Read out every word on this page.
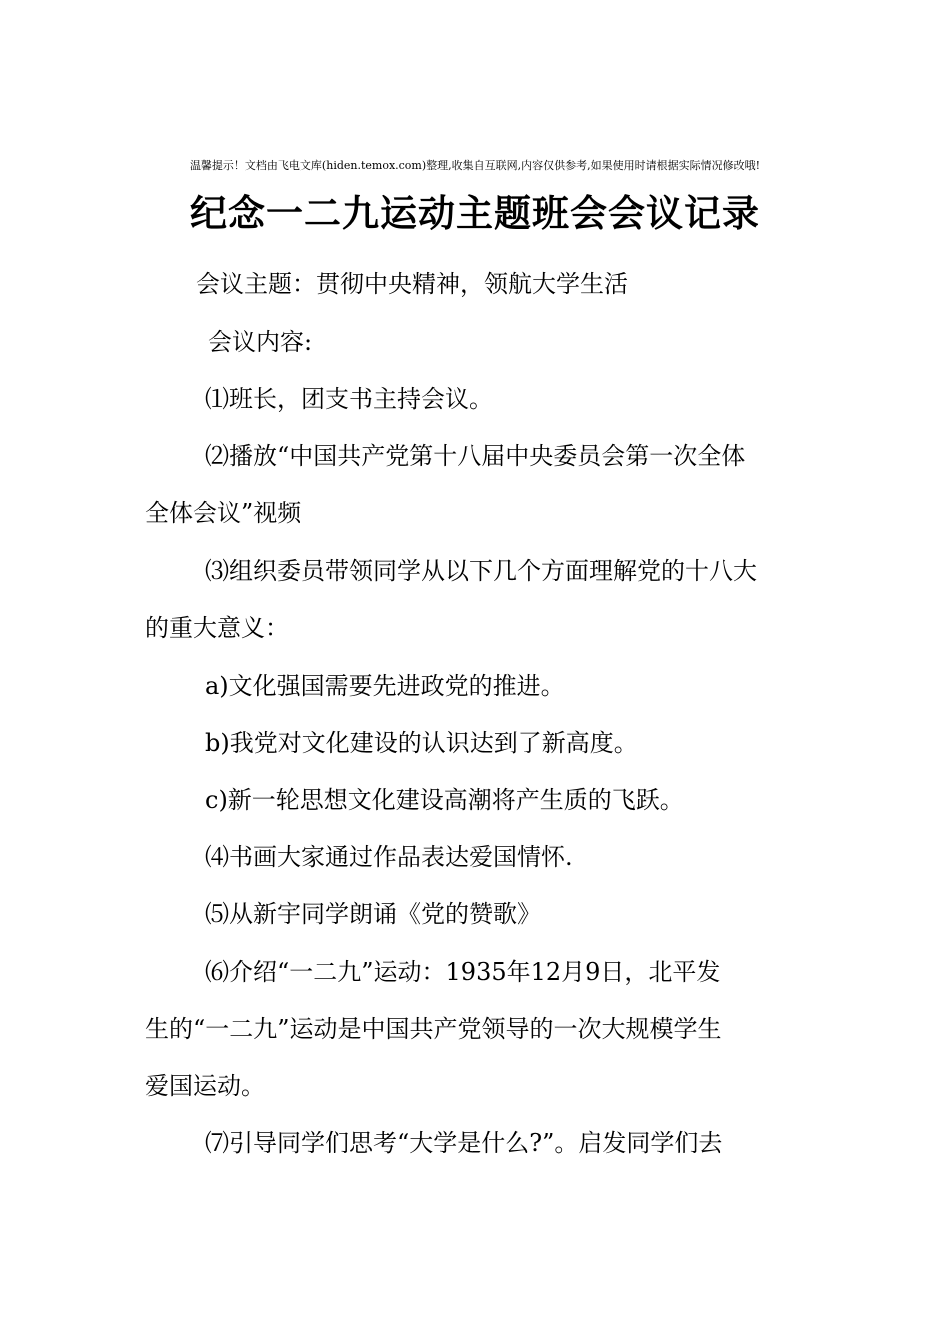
温馨提示！文档由飞电文库(hiden.temox.com)整理,收集自互联网,内容仅供参考,如果使用时请根据实际情况修改哦!
纪念一二九运动主题班会会议记录
会议主题：贯彻中央精神，领航大学生活
会议内容:
⑴班长，团支书主持会议。
⑵播放“中国共产党第十八届中央委员会第一次全体
全体会议”视频
⑶组织委员带领同学从以下几个方面理解党的十八大
的重大意义：
a)文化强国需要先进政党的推进。
b)我党对文化建设的认识达到了新高度。
c)新一轮思想文化建设高潮将产生质的飞跃。
⑷书画大家通过作品表达爱国情怀.
⑸从新宇同学朗诵《党的赞歌》
⑹介绍“一二九”运动：1935年12月9日，北平发
生的“一二九”运动是中国共产党领导的一次大规模学生
爱国运动。
⑺引导同学们思考“大学是什么?”。启发同学们去
